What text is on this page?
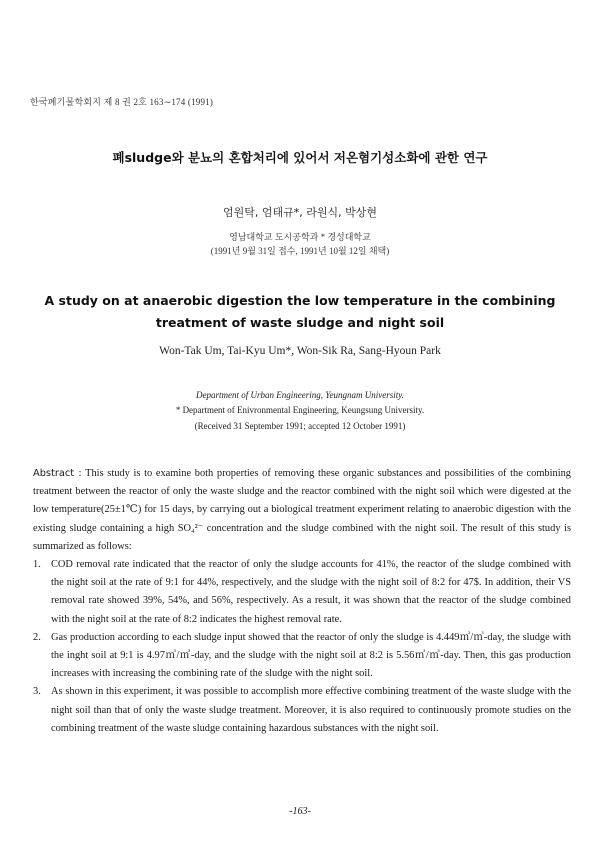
한국폐기물학회지 제 8 권 2호 163∼174 (1991)
폐sludge와 분뇨의 혼합처리에 있어서 저온혐기성소화에 관한 연구
엄원탁, 엄태규*, 라원식, 박상현
영남대학교 도시공학과 * 경성대학교
(1991년 9월 31일 접수, 1991년 10월 12일 채택)
A study on at anaerobic digestion the low temperature in the combining
treatment of waste sludge and night soil
Won-Tak Um, Tai-Kyu Um*, Won-Sik Ra, Sang-Hyoun Park
Department of Urban Engineering, Yeungnam University.
* Department of Enivronmental Engineering, Keungsung University.
(Received 31 September 1991; accepted 12 October 1991)

Abstract : This study is to examine both properties of removing these organic substances and possibilities of the combining treatment between the reactor of only the waste sludge and the reactor combined with the night soil which were digested at the low temperature(25±1℃) for 15 days, by carrying out a biological treatment experiment relating to anaerobic digestion with the existing sludge containing a high SO₄²⁻ concentration and the sludge combined with the night soil. The result of this study is summarized as follows:

1. COD removal rate indicated that the reactor of only the sludge accounts for 41%, the reactor of the sludge combined with the night soil at the rate of 9:1 for 44%, respectively, and the sludge with the night soil of 8:2 for 47$. In addition, their VS removal rate showed 39%, 54%, and 56%, respectively. As a result, it was shown that the reactor of the sludge combined with the night soil at the rate of 8:2 indicates the highest removal rate.
2. Gas production according to each sludge input showed that the reactor of only the sludge is 4.449㎥/㎥-day, the sludge with the inght soil at 9:1 is 4.97㎥/㎥-day, and the sludge with the night soil at 8:2 is 5.56㎥/㎥-day. Then, this gas production increases with increasing the combining rate of the sludge with the night soil.
3. As shown in this experiment, it was possible to accomplish more effective combining treatment of the waste sludge with the night soil than that of only the waste sludge treatment. Moreover, it is also required to continuously promote studies on the combining treatment of the waste sludge containing hazardous substances with the night soil.
-163-
